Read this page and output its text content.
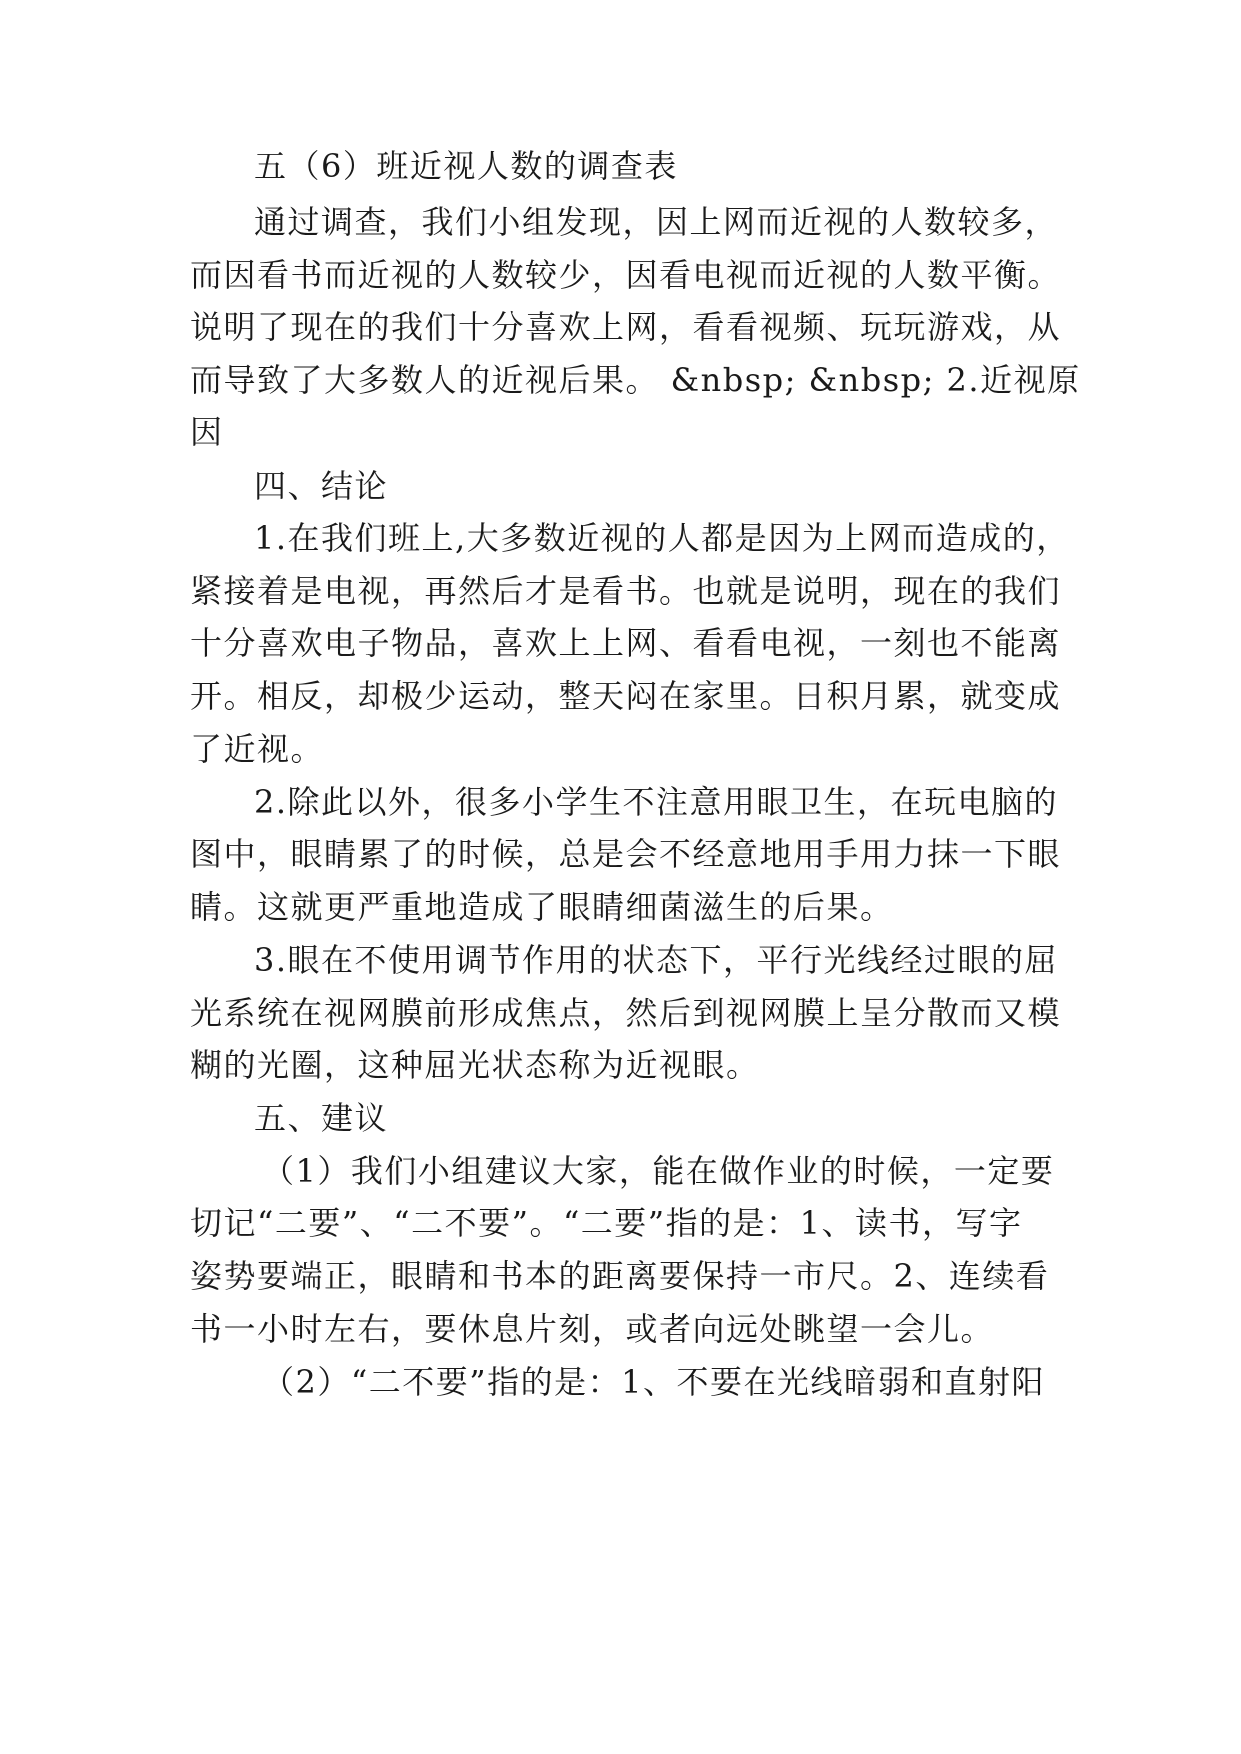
五（6）班近视人数的调查表
通过调查，我们小组发现，因上网而近视的人数较多，
而因看书而近视的人数较少，因看电视而近视的人数平衡。
说明了现在的我们十分喜欢上网，看看视频、玩玩游戏，从
而导致了大多数人的近视后果。 &nbsp; &nbsp; 2.近视原
因
四、结论
1.在我们班上,大多数近视的人都是因为上网而造成的，
紧接着是电视，再然后才是看书。也就是说明，现在的我们
十分喜欢电子物品，喜欢上上网、看看电视，一刻也不能离
开。相反，却极少运动，整天闷在家里。日积月累，就变成
了近视。
2.除此以外，很多小学生不注意用眼卫生，在玩电脑的
图中，眼睛累了的时候，总是会不经意地用手用力抹一下眼
睛。这就更严重地造成了眼睛细菌滋生的后果。
3.眼在不使用调节作用的状态下，平行光线经过眼的屈
光系统在视网膜前形成焦点，然后到视网膜上呈分散而又模
糊的光圈，这种屈光状态称为近视眼。
五、建议
（1）我们小组建议大家，能在做作业的时候，一定要
切记“二要”、“二不要”。“二要”指的是：1、读书，写字
姿势要端正，眼睛和书本的距离要保持一市尺。2、连续看
书一小时左右，要休息片刻，或者向远处眺望一会儿。
（2）“二不要”指的是：1、不要在光线暗弱和直射阳
